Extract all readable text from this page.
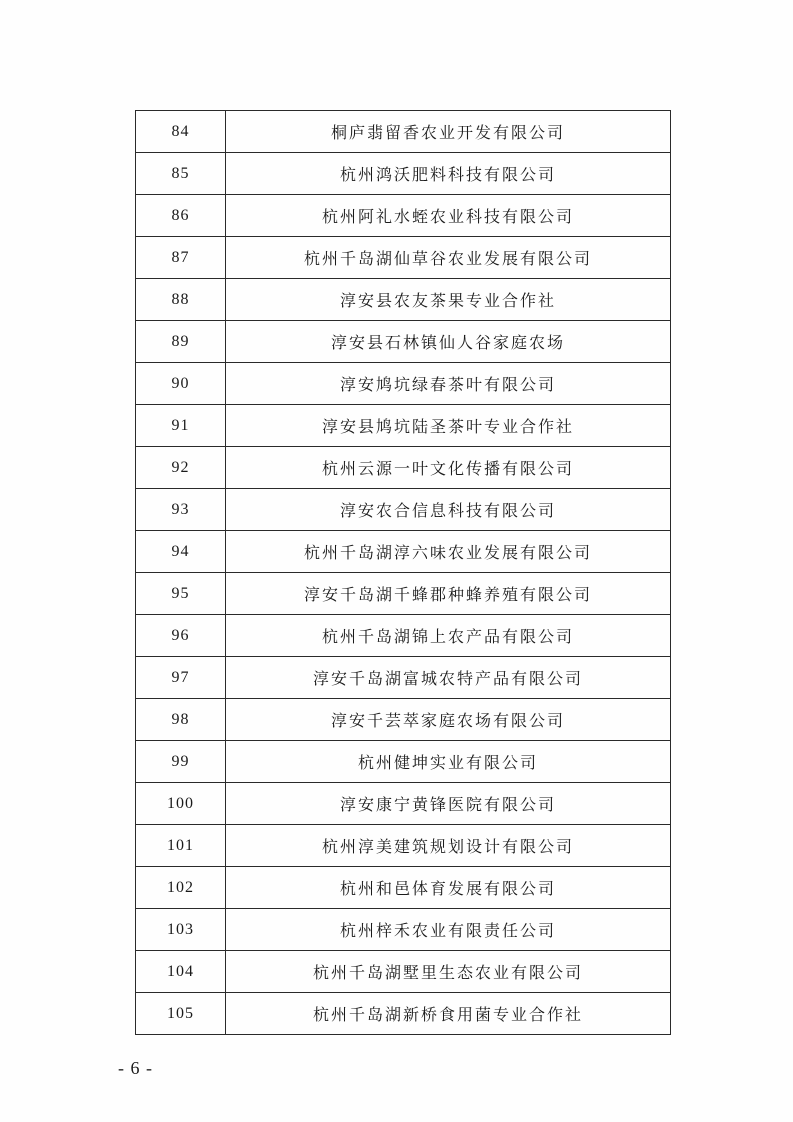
84	桐庐翡留香农业开发有限公司
85	杭州鸿沃肥料科技有限公司
86	杭州阿礼水蛭农业科技有限公司
87	杭州千岛湖仙草谷农业发展有限公司
88	淳安县农友茶果专业合作社
89	淳安县石林镇仙人谷家庭农场
90	淳安鸠坑绿春茶叶有限公司
91	淳安县鸠坑陆圣茶叶专业合作社
92	杭州云源一叶文化传播有限公司
93	淳安农合信息科技有限公司
94	杭州千岛湖淳六味农业发展有限公司
95	淳安千岛湖千蜂郡种蜂养殖有限公司
96	杭州千岛湖锦上农产品有限公司
97	淳安千岛湖富城农特产品有限公司
98	淳安千芸萃家庭农场有限公司
99	杭州健坤实业有限公司
100	淳安康宁黄锋医院有限公司
101	杭州淳美建筑规划设计有限公司
102	杭州和邑体育发展有限公司
103	杭州梓禾农业有限责任公司
104	杭州千岛湖墅里生态农业有限公司
105	杭州千岛湖新桥食用菌专业合作社
- 6 -
